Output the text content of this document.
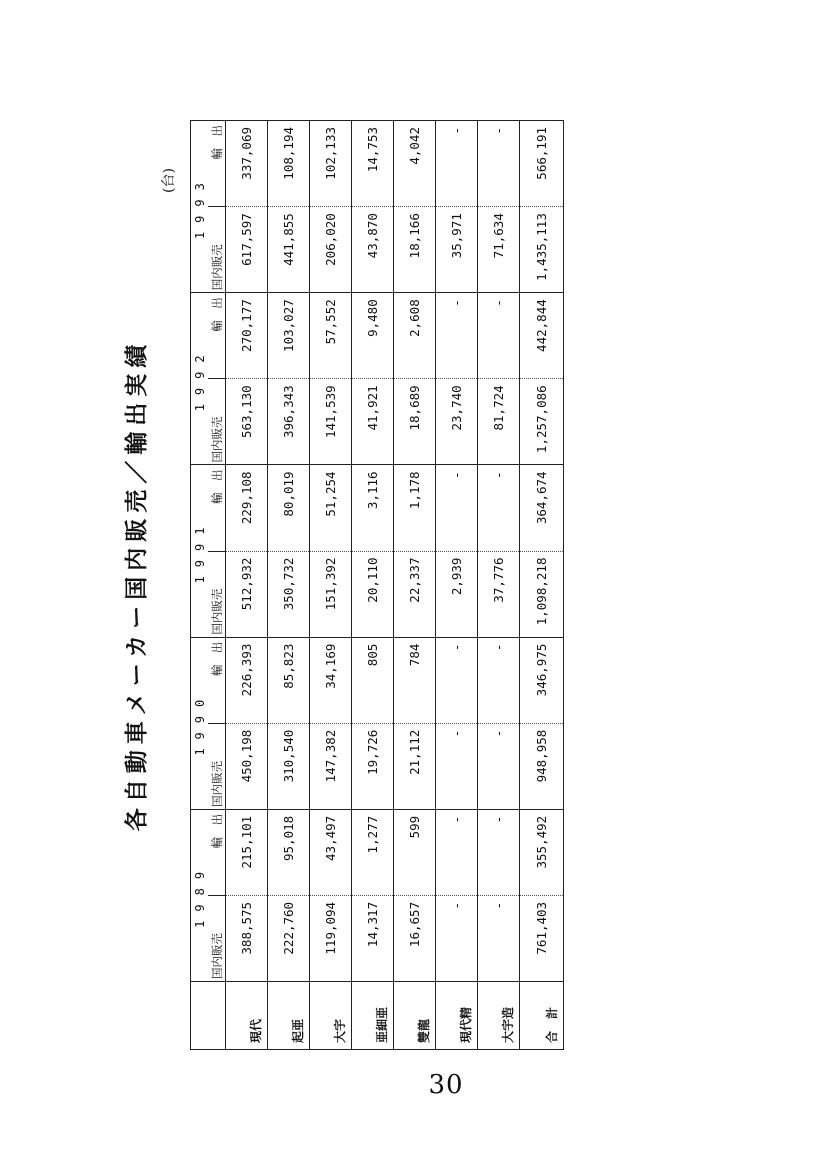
各自動車メーカー国内販売／輸出実績
(台)
	1989		1990		1991		1992		1993	
	国内販売	輸　出	国内販売	輸　出	国内販売	輸　出	国内販売	輸　出	国内販売	輸　出
現代	388,575	215,101	450,198	226,393	512,932	229,108	563,130	270,177	617,597	337,069
起亜	222,760	95,018	310,540	85,823	350,732	80,019	396,343	103,027	441,855	108,194
大宇	119,094	43,497	147,382	34,169	151,392	51,254	141,539	57,552	206,020	102,133
亜細亜	14,317	1,277	19,726	805	20,110	3,116	41,921	9,480	43,870	14,753
雙龍	16,657	599	21,112	784	22,337	1,178	18,689	2,608	18,166	4,042
現代精	-	-	-	-	2,939	-	23,740	-	35,971	-
大宇造	-	-	-	-	37,776	-	81,724	-	71,634	-
合　計	761,403	355,492	948,958	346,975	1,098,218	364,674	1,257,086	442,844	1,435,113	566,191
30
